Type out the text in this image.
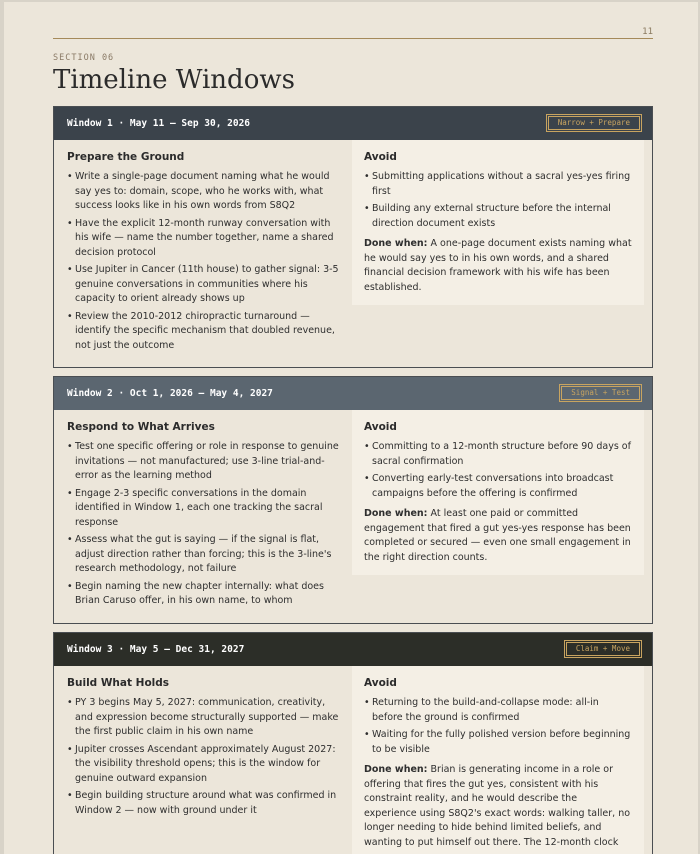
11
SECTION 06
Timeline Windows
Window 1 · May 11 — Sep 30, 2026	Narrow + Prepare
Prepare the Ground
• Write a single-page document naming what he would say yes to: domain, scope, who he works with, what success looks like in his own words from S8Q2
• Have the explicit 12-month runway conversation with his wife — name the number together, name a shared decision protocol
• Use Jupiter in Cancer (11th house) to gather signal: 3-5 genuine conversations in communities where his capacity to orient already shows up
• Review the 2010-2012 chiropractic turnaround — identify the specific mechanism that doubled revenue, not just the outcome
Avoid
• Submitting applications without a sacral yes-yes firing first
• Building any external structure before the internal direction document exists
Done when: A one-page document exists naming what he would say yes to in his own words, and a shared financial decision framework with his wife has been established.
Window 2 · Oct 1, 2026 — May 4, 2027	Signal + Test
Respond to What Arrives
• Test one specific offering or role in response to genuine invitations — not manufactured; use 3-line trial-and-error as the learning method
• Engage 2-3 specific conversations in the domain identified in Window 1, each one tracking the sacral response
• Assess what the gut is saying — if the signal is flat, adjust direction rather than forcing; this is the 3-line's research methodology, not failure
• Begin naming the new chapter internally: what does Brian Caruso offer, in his own name, to whom
Avoid
• Committing to a 12-month structure before 90 days of sacral confirmation
• Converting early-test conversations into broadcast campaigns before the offering is confirmed
Done when: At least one paid or committed engagement that fired a gut yes-yes response has been completed or secured — even one small engagement in the right direction counts.
Window 3 · May 5 — Dec 31, 2027	Claim + Move
Build What Holds
• PY 3 begins May 5, 2027: communication, creativity, and expression become structurally supported — make the first public claim in his own name
• Jupiter crosses Ascendant approximately August 2027: the visibility threshold opens; this is the window for genuine outward expansion
• Begin building structure around what was confirmed in Window 2 — now with ground under it
Avoid
• Returning to the build-and-collapse mode: all-in before the ground is confirmed
• Waiting for the fully polished version before beginning to be visible
Done when: Brian is generating income in a role or offering that fires the gut yes, consistent with his constraint reality, and he would describe the experience using S8Q2's exact words: walking taller, no longer needing to hide behind limited beliefs, and wanting to put himself out there. The 12-month clock
